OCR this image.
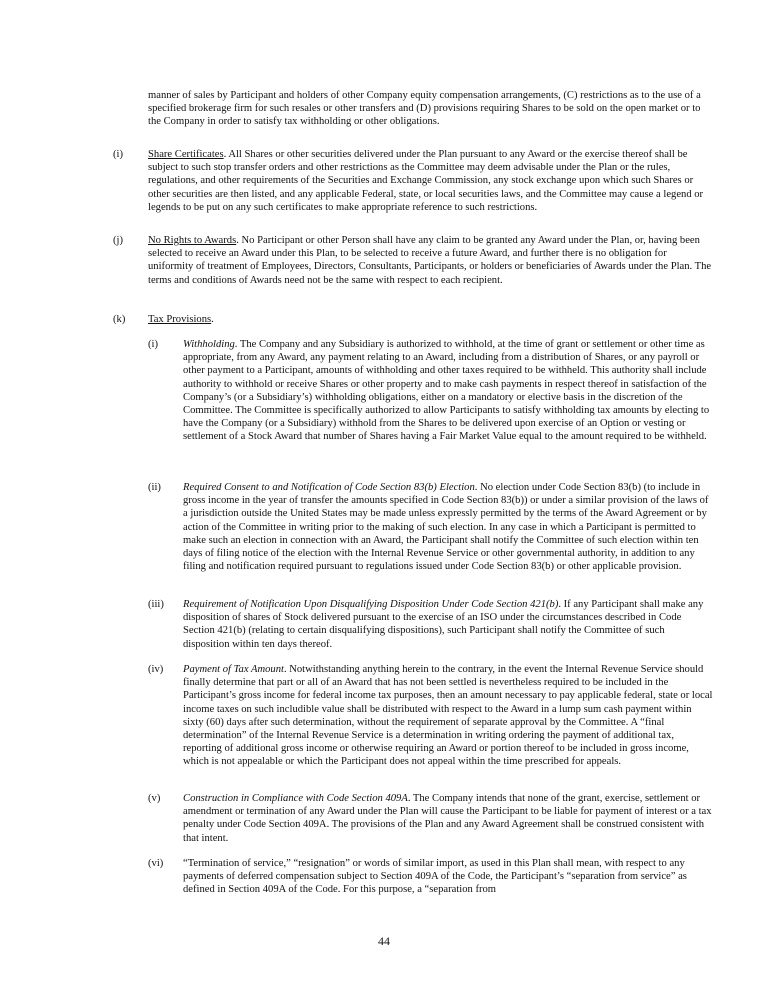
manner of sales by Participant and holders of other Company equity compensation arrangements, (C) restrictions as to the use of a specified brokerage firm for such resales or other transfers and (D) provisions requiring Shares to be sold on the open market or to the Company in order to satisfy tax withholding or other obligations.

(i) Share Certificates. All Shares or other securities delivered under the Plan pursuant to any Award or the exercise thereof shall be subject to such stop transfer orders and other restrictions as the Committee may deem advisable under the Plan or the rules, regulations, and other requirements of the Securities and Exchange Commission, any stock exchange upon which such Shares or other securities are then listed, and any applicable Federal, state, or local securities laws, and the Committee may cause a legend or legends to be put on any such certificates to make appropriate reference to such restrictions.

(j) No Rights to Awards. No Participant or other Person shall have any claim to be granted any Award under the Plan, or, having been selected to receive an Award under this Plan, to be selected to receive a future Award, and further there is no obligation for uniformity of treatment of Employees, Directors, Consultants, Participants, or holders or beneficiaries of Awards under the Plan. The terms and conditions of Awards need not be the same with respect to each recipient.

(k) Tax Provisions.

(i) Withholding. The Company and any Subsidiary is authorized to withhold, at the time of grant or settlement or other time as appropriate, from any Award, any payment relating to an Award, including from a distribution of Shares, or any payroll or other payment to a Participant, amounts of withholding and other taxes required to be withheld. This authority shall include authority to withhold or receive Shares or other property and to make cash payments in respect thereof in satisfaction of the Company’s (or a Subsidiary’s) withholding obligations, either on a mandatory or elective basis in the discretion of the Committee. The Committee is specifically authorized to allow Participants to satisfy withholding tax amounts by electing to have the Company (or a Subsidiary) withhold from the Shares to be delivered upon exercise of an Option or vesting or settlement of a Stock Award that number of Shares having a Fair Market Value equal to the amount required to be withheld.

(ii) Required Consent to and Notification of Code Section 83(b) Election. No election under Code Section 83(b) (to include in gross income in the year of transfer the amounts specified in Code Section 83(b)) or under a similar provision of the laws of a jurisdiction outside the United States may be made unless expressly permitted by the terms of the Award Agreement or by action of the Committee in writing prior to the making of such election. In any case in which a Participant is permitted to make such an election in connection with an Award, the Participant shall notify the Committee of such election within ten days of filing notice of the election with the Internal Revenue Service or other governmental authority, in addition to any filing and notification required pursuant to regulations issued under Code Section 83(b) or other applicable provision.

(iii) Requirement of Notification Upon Disqualifying Disposition Under Code Section 421(b). If any Participant shall make any disposition of shares of Stock delivered pursuant to the exercise of an ISO under the circumstances described in Code Section 421(b) (relating to certain disqualifying dispositions), such Participant shall notify the Committee of such disposition within ten days thereof.

(iv) Payment of Tax Amount. Notwithstanding anything herein to the contrary, in the event the Internal Revenue Service should finally determine that part or all of an Award that has not been settled is nevertheless required to be included in the Participant’s gross income for federal income tax purposes, then an amount necessary to pay applicable federal, state or local income taxes on such includible value shall be distributed with respect to the Award in a lump sum cash payment within sixty (60) days after such determination, without the requirement of separate approval by the Committee. A “final determination” of the Internal Revenue Service is a determination in writing ordering the payment of additional tax, reporting of additional gross income or otherwise requiring an Award or portion thereof to be included in gross income, which is not appealable or which the Participant does not appeal within the time prescribed for appeals.

(v) Construction in Compliance with Code Section 409A. The Company intends that none of the grant, exercise, settlement or amendment or termination of any Award under the Plan will cause the Participant to be liable for payment of interest or a tax penalty under Code Section 409A. The provisions of the Plan and any Award Agreement shall be construed consistent with that intent.

(vi) “Termination of service,” “resignation” or words of similar import, as used in this Plan shall mean, with respect to any payments of deferred compensation subject to Section 409A of the Code, the Participant’s “separation from service” as defined in Section 409A of the Code. For this purpose, a “separation from

44
